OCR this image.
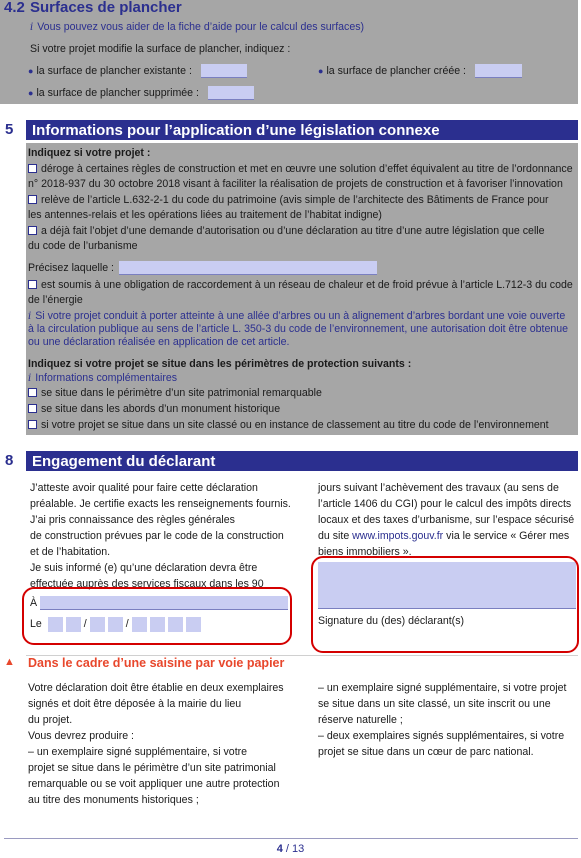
4.2 Surfaces de plancher
i Vous pouvez vous aider de la fiche d’aide pour le calcul des surfaces)
Si votre projet modifie la surface de plancher, indiquez :
● la surface de plancher existante :	● la surface de plancher créée :
● la surface de plancher supprimée :
5	Informations pour l’application d’une législation connexe
Indiquez si votre projet :
déroge à certaines règles de construction et met en œuvre une solution d’effet équivalent au titre de l’ordonnance
n° 2018-937 du 30 octobre 2018 visant à faciliter la réalisation de projets de construction et à favoriser l’innovation
relève de l’article L.632-2-1 du code du patrimoine (avis simple de l’architecte des Bâtiments de France pour
les antennes-relais et les opérations liées au traitement de l’habitat indigne)
a déjà fait l’objet d’une demande d’autorisation ou d’une déclaration au titre d’une autre législation que celle
du code de l’urbanisme
Précisez laquelle :
est soumis à une obligation de raccordement à un réseau de chaleur et de froid prévue à l’article L.712-3 du code
de l’énergie
i Si votre projet conduit à porter atteinte à une allée d’arbres ou un à alignement d’arbres bordant une voie ouverte
à la circulation publique au sens de l’article L. 350-3 du code de l’environnement, une autorisation doit être obtenue
ou une déclaration réalisée en application de cet article.
Indiquez si votre projet se situe dans les périmètres de protection suivants :
i Informations complémentaires
se situe dans le périmètre d’un site patrimonial remarquable
se situe dans les abords d’un monument historique
si votre projet se situe dans un site classé ou en instance de classement au titre du code de l’environnement
8	Engagement du déclarant
J’atteste avoir qualité pour faire cette déclaration
préalable. Je certifie exacts les renseignements fournis.
J’ai pris connaissance des règles générales
de construction prévues par le code de la construction
et de l’habitation.
Je suis informé (e) qu’une déclaration devra être
effectuée auprès des services fiscaux dans les 90
jours suivant l’achèvement des travaux (au sens de
l’article 1406 du CGI) pour le calcul des impôts directs
locaux et des taxes d’urbanisme, sur l’espace sécurisé
du site www.impots.gouv.fr via le service « Gérer mes
biens immobiliers ».
À
Le	/	/	Signature du (des) déclarant(s)
▲ Dans le cadre d’une saisine par voie papier
Votre déclaration doit être établie en deux exemplaires
signés et doit être déposée à la mairie du lieu
du projet.
Vous devrez produire :
– un exemplaire signé supplémentaire, si votre
projet se situe dans le périmètre d’un site patrimonial
remarquable ou se voit appliquer une autre protection
au titre des monuments historiques ;
– un exemplaire signé supplémentaire, si votre projet
se situe dans un site classé, un site inscrit ou une
réserve naturelle ;
– deux exemplaires signés supplémentaires, si votre
projet se situe dans un cœur de parc national.
4 / 13
